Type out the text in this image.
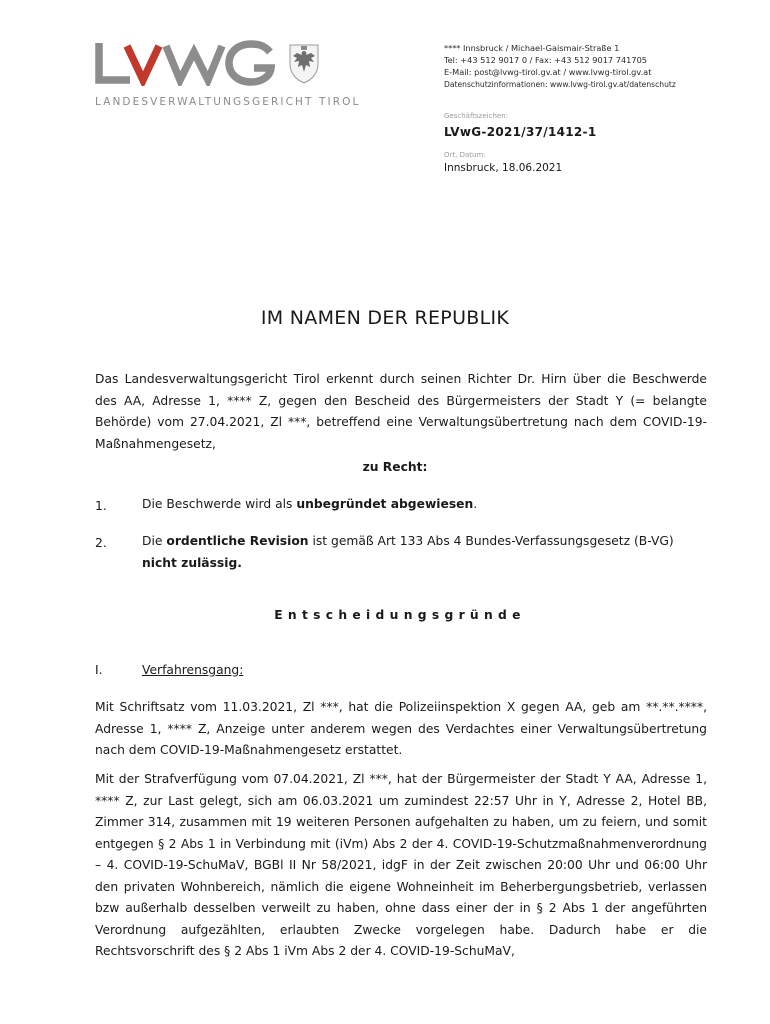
LANDESVERWALTUNGSGERICHT TIROL
**** Innsbruck / Michael-Gaismair-Straße 1
Tel: +43 512 9017 0 / Fax: +43 512 9017 741705
E-Mail: post@lvwg-tirol.gv.at / www.lvwg-tirol.gv.at
Datenschutzinformationen: www.lvwg-tirol.gv.at/datenschutz
Geschäftszeichen:
LVwG-2021/37/1412-1
Ort, Datum:
Innsbruck, 18.06.2021
IM NAMEN DER REPUBLIK
Das Landesverwaltungsgericht Tirol erkennt durch seinen Richter Dr. Hirn über die Beschwerde des AA, Adresse 1, **** Z, gegen den Bescheid des Bürgermeisters der Stadt Y (= belangte Behörde) vom 27.04.2021, Zl ***, betreffend eine Verwaltungsübertretung nach dem COVID-19-Maßnahmengesetz,
zu Recht:
1.	Die Beschwerde wird als unbegründet abgewiesen.
2.	Die ordentliche Revision ist gemäß Art 133 Abs 4 Bundes-Verfassungsgesetz (B-VG)
nicht zulässig.
Entscheidungsgründe
I.	Verfahrensgang:
Mit Schriftsatz vom 11.03.2021, Zl ***, hat die Polizeiinspektion X gegen AA, geb am **.**.****, Adresse 1, **** Z, Anzeige unter anderem wegen des Verdachtes einer Verwaltungsübertretung nach dem COVID-19-Maßnahmengesetz erstattet.
Mit der Strafverfügung vom 07.04.2021, Zl ***, hat der Bürgermeister der Stadt Y AA, Adresse 1, **** Z, zur Last gelegt, sich am 06.03.2021 um zumindest 22:57 Uhr in Y, Adresse 2, Hotel BB, Zimmer 314, zusammen mit 19 weiteren Personen aufgehalten zu haben, um zu feiern, und somit entgegen § 2 Abs 1 in Verbindung mit (iVm) Abs 2 der 4. COVID-19-Schutzmaßnahmenverordnung – 4. COVID-19-SchuMaV, BGBl II Nr 58/2021, idgF in der Zeit zwischen 20:00 Uhr und 06:00 Uhr den privaten Wohnbereich, nämlich die eigene Wohneinheit im Beherbergungsbetrieb, verlassen bzw außerhalb desselben verweilt zu haben, ohne dass einer der in § 2 Abs 1 der angeführten Verordnung aufgezählten, erlaubten Zwecke vorgelegen habe. Dadurch habe er die Rechtsvorschrift des § 2 Abs 1 iVm Abs 2 der 4. COVID-19-SchuMaV,
